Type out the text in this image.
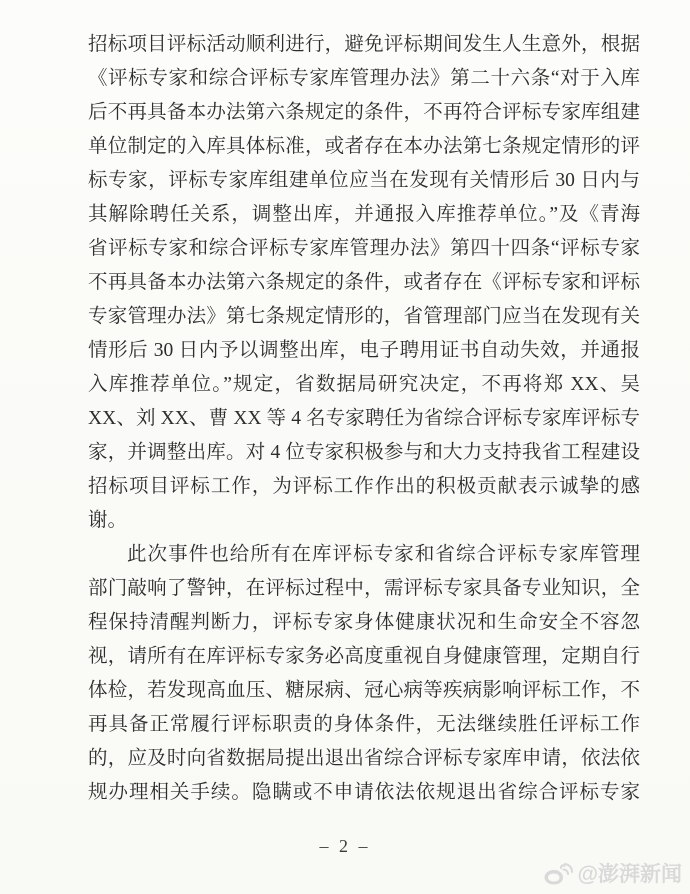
招标项目评标活动顺利进行，避免评标期间发生人生意外，根据
《评标专家和综合评标专家库管理办法》第二十六条“对于入库
后不再具备本办法第六条规定的条件，不再符合评标专家库组建
单位制定的入库具体标准，或者存在本办法第七条规定情形的评
标专家，评标专家库组建单位应当在发现有关情形后 30 日内与
其解除聘任关系，调整出库，并通报入库推荐单位。”及《青海
省评标专家和综合评标专家库管理办法》第四十四条“评标专家
不再具备本办法第六条规定的条件，或者存在《评标专家和评标
专家管理办法》第七条规定情形的，省管理部门应当在发现有关
情形后 30 日内予以调整出库，电子聘用证书自动失效，并通报
入库推荐单位。”规定，省数据局研究决定，不再将郑 XX、吴
XX、刘 XX、曹 XX 等 4 名专家聘任为省综合评标专家库评标专
家，并调整出库。对 4 位专家积极参与和大力支持我省工程建设
招标项目评标工作，为评标工作作出的积极贡献表示诚挚的感
谢。
此次事件也给所有在库评标专家和省综合评标专家库管理
部门敲响了警钟，在评标过程中，需评标专家具备专业知识，全
程保持清醒判断力，评标专家身体健康状况和生命安全不容忽
视，请所有在库评标专家务必高度重视自身健康管理，定期自行
体检，若发现高血压、糖尿病、冠心病等疾病影响评标工作，不
再具备正常履行评标职责的身体条件，无法继续胜任评标工作
的，应及时向省数据局提出退出省综合评标专家库申请，依法依
规办理相关手续。隐瞒或不申请依法依规退出省综合评标专家
– 2 –
@澎湃新闻
